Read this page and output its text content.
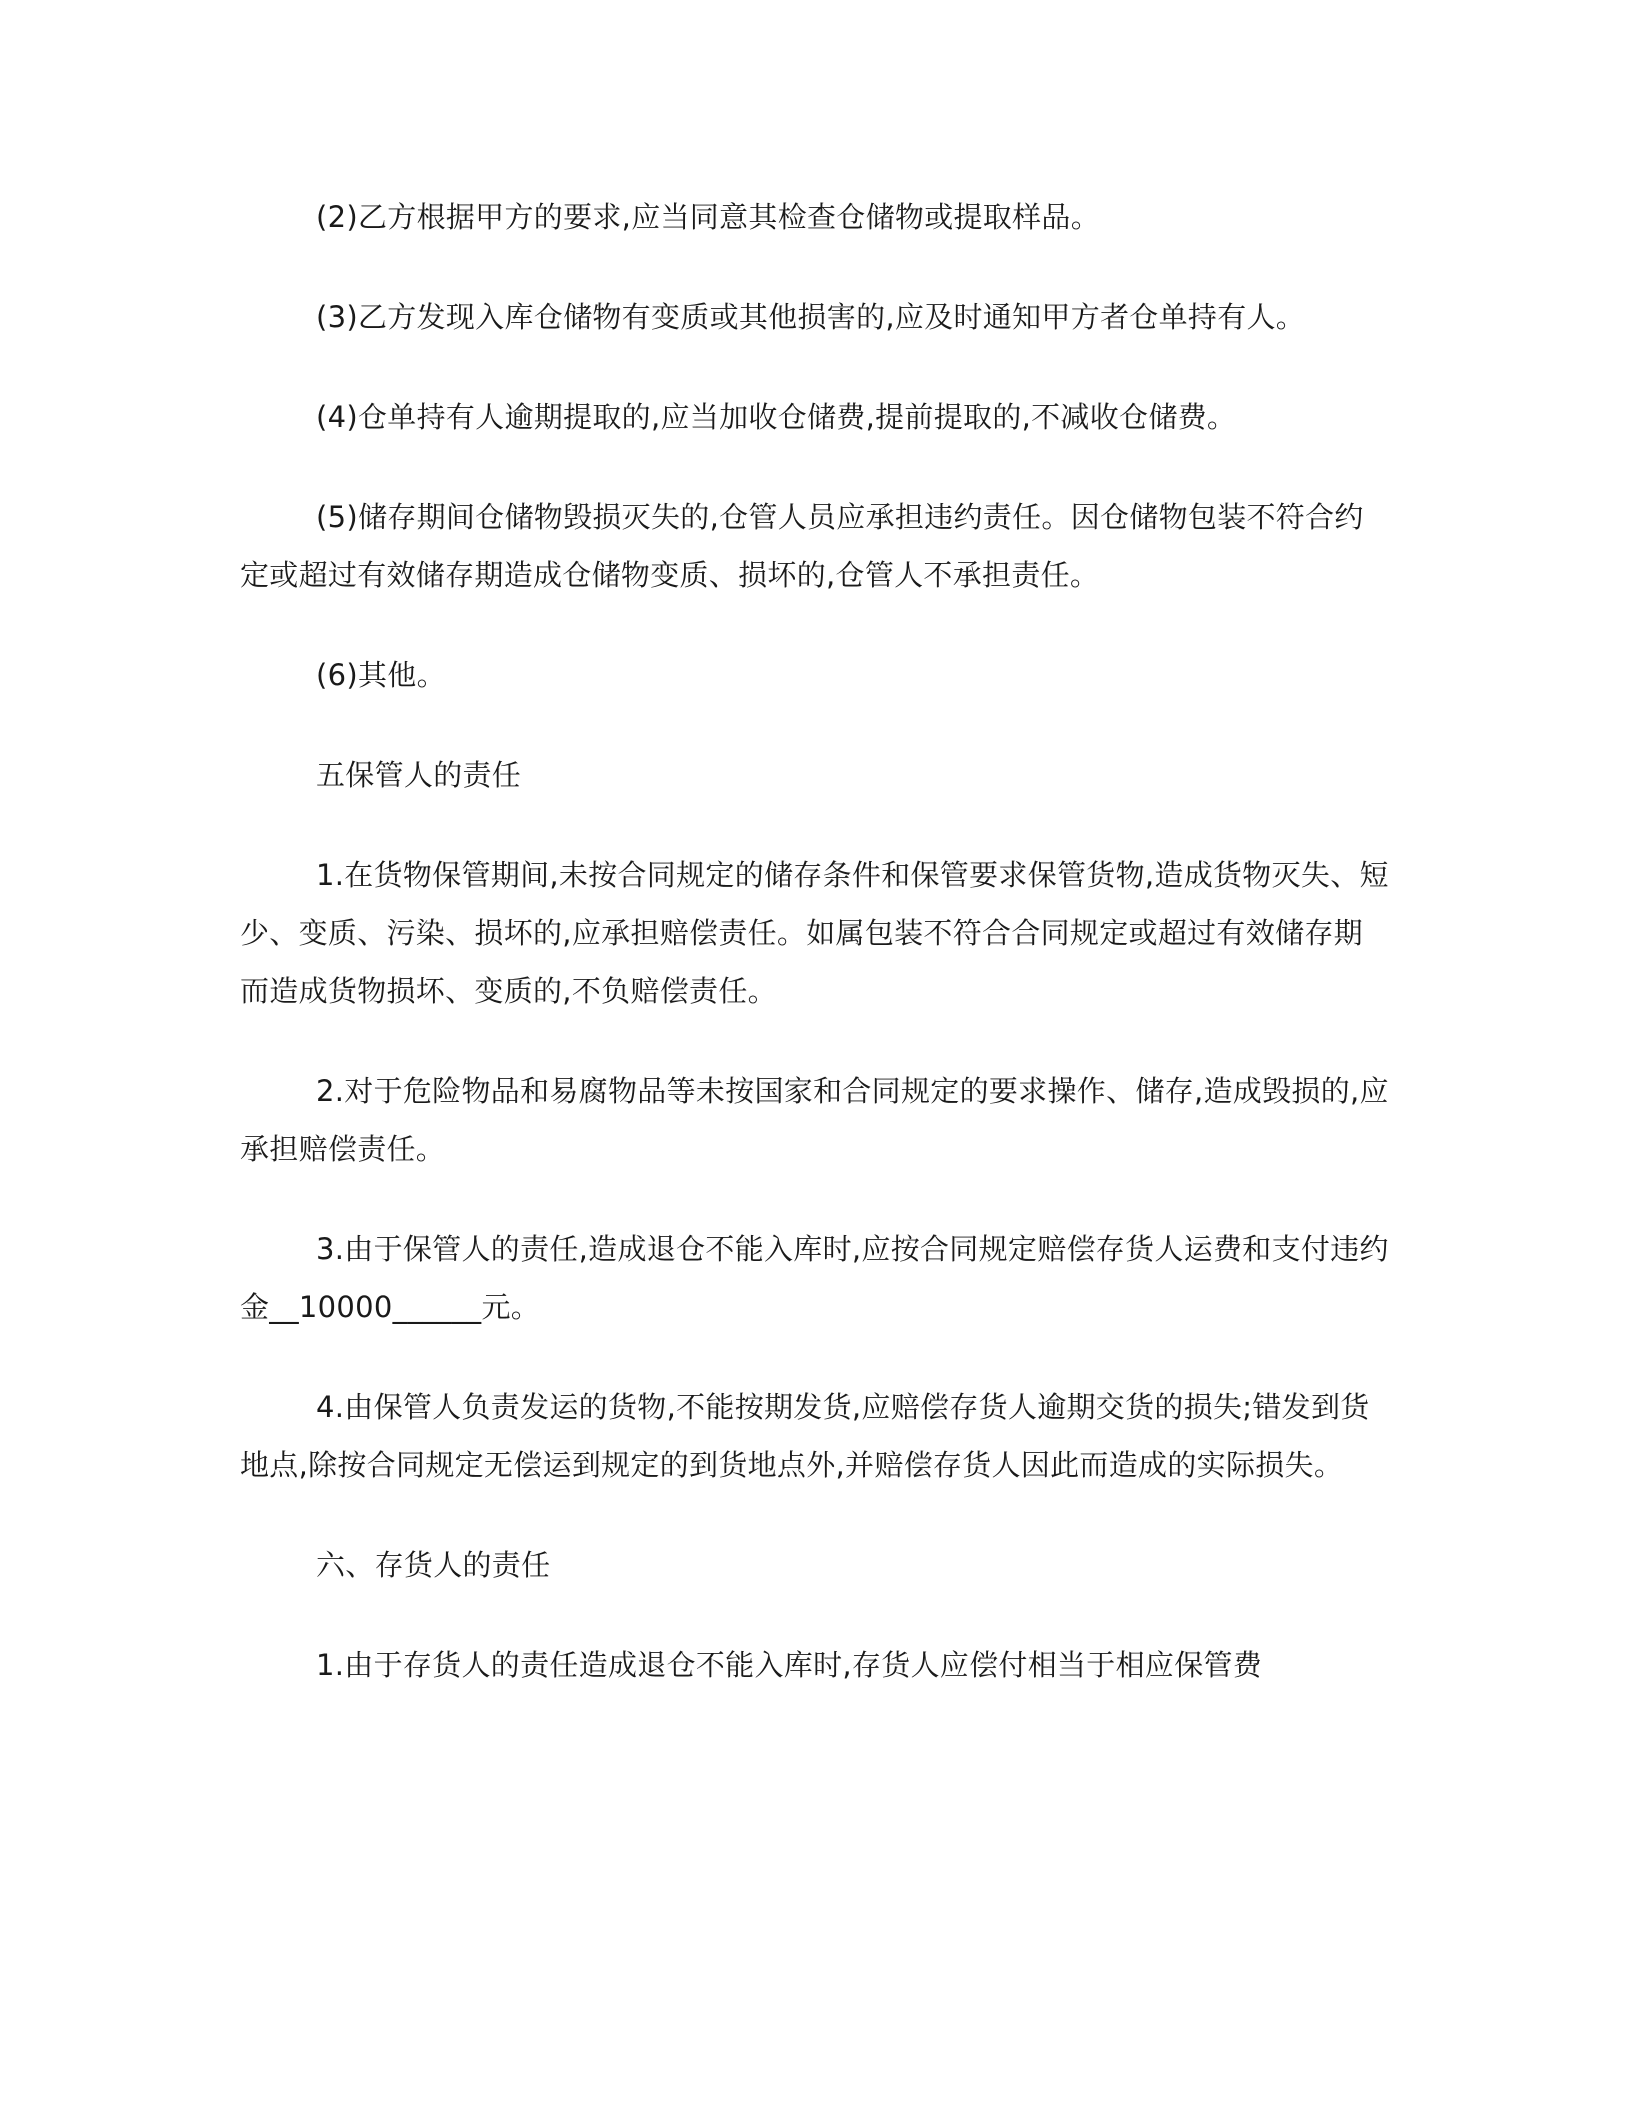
(2)乙方根据甲方的要求,应当同意其检查仓储物或提取样品。

(3)乙方发现入库仓储物有变质或其他损害的,应及时通知甲方者仓单持有人。

(4)仓单持有人逾期提取的,应当加收仓储费,提前提取的,不减收仓储费。

(5)储存期间仓储物毁损灭失的,仓管人员应承担违约责任。因仓储物包装不符合约定或超过有效储存期造成仓储物变质、损坏的,仓管人不承担责任。

(6)其他。

五保管人的责任

1.在货物保管期间,未按合同规定的储存条件和保管要求保管货物,造成货物灭失、短少、变质、污染、损坏的,应承担赔偿责任。如属包装不符合合同规定或超过有效储存期而造成货物损坏、变质的,不负赔偿责任。

2.对于危险物品和易腐物品等未按国家和合同规定的要求操作、储存,造成毁损的,应承担赔偿责任。

3.由于保管人的责任,造成退仓不能入库时,应按合同规定赔偿存货人运费和支付违约金__10000______元。

4.由保管人负责发运的货物,不能按期发货,应赔偿存货人逾期交货的损失;错发到货地点,除按合同规定无偿运到规定的到货地点外,并赔偿存货人因此而造成的实际损失。

六、存货人的责任

1.由于存货人的责任造成退仓不能入库时,存货人应偿付相当于相应保管费
